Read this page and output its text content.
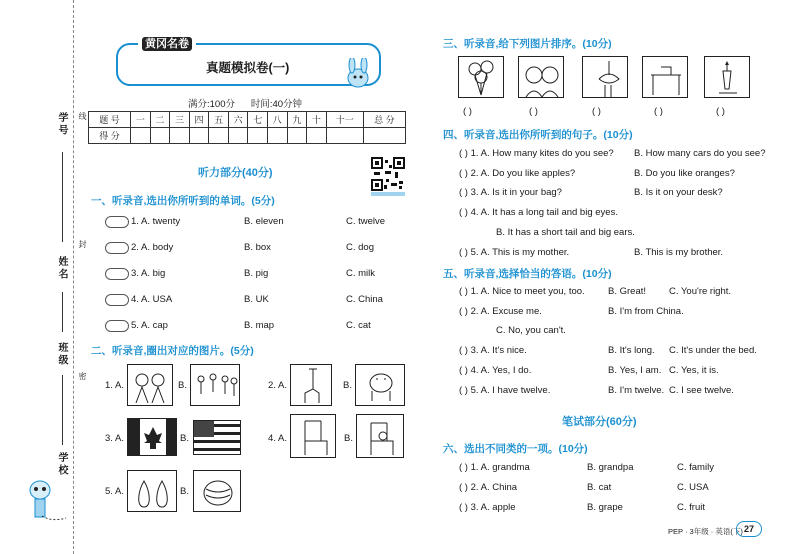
学 号
姓 名
班 级
学 校
线
封
密
黄冈名卷
真题模拟卷(一)
满分:100分      时间:40分钟
题 号	一	二	三	四	五	六	七	八	九	十	十一	总 分
得 分												
听力部分(40分)
一、听录音,选出你所听到的单词。(5分)
1. A. twenty	B. eleven	C. twelve
2. A. body	B. box	C. dog
3. A. big	B. pig	C. milk
4. A. USA	B. UK	C. China
5. A. cap	B. map	C. cat
二、听录音,圈出对应的图片。(5分)
1. A.	B.	2. A.	B.
3. A.	B.	4. A.	B.
5. A.	B.
三、听录音,给下列图片排序。(10分)
( )	( )	( )	( )	( )
四、听录音,选出你所听到的句子。(10分)
( ) 1. A. How many kites do you see? B. How many cars do you see?
( ) 2. A. Do you like apples?	B. Do you like oranges?
( ) 3. A. Is it in your bag?	B. Is it on your desk?
( ) 4. A. It has a long tail and big eyes.
B. It has a short tail and big ears.
( ) 5. A. This is my mother.	B. This is my brother.
五、听录音,选择恰当的答语。(10分)
( ) 1. A. Nice to meet you, too. B. Great! C. You're right.
( ) 2. A. Excuse me.	B. I'm from China.
C. No, you can't.
( ) 3. A. It's nice.	B. It's long. C. It's under the bed.
( ) 4. A. Yes, I do.	B. Yes, I am. C. Yes, it is.
( ) 5. A. I have twelve.	B. I'm twelve. C. I see twelve.
笔试部分(60分)
六、选出不同类的一项。(10分)
( ) 1. A. grandma	B. grandpa	C. family
( ) 2. A. China	B. cat	C. USA
( ) 3. A. apple	B. grape	C. fruit
PEP · 3年级 · 英语(下) 27
